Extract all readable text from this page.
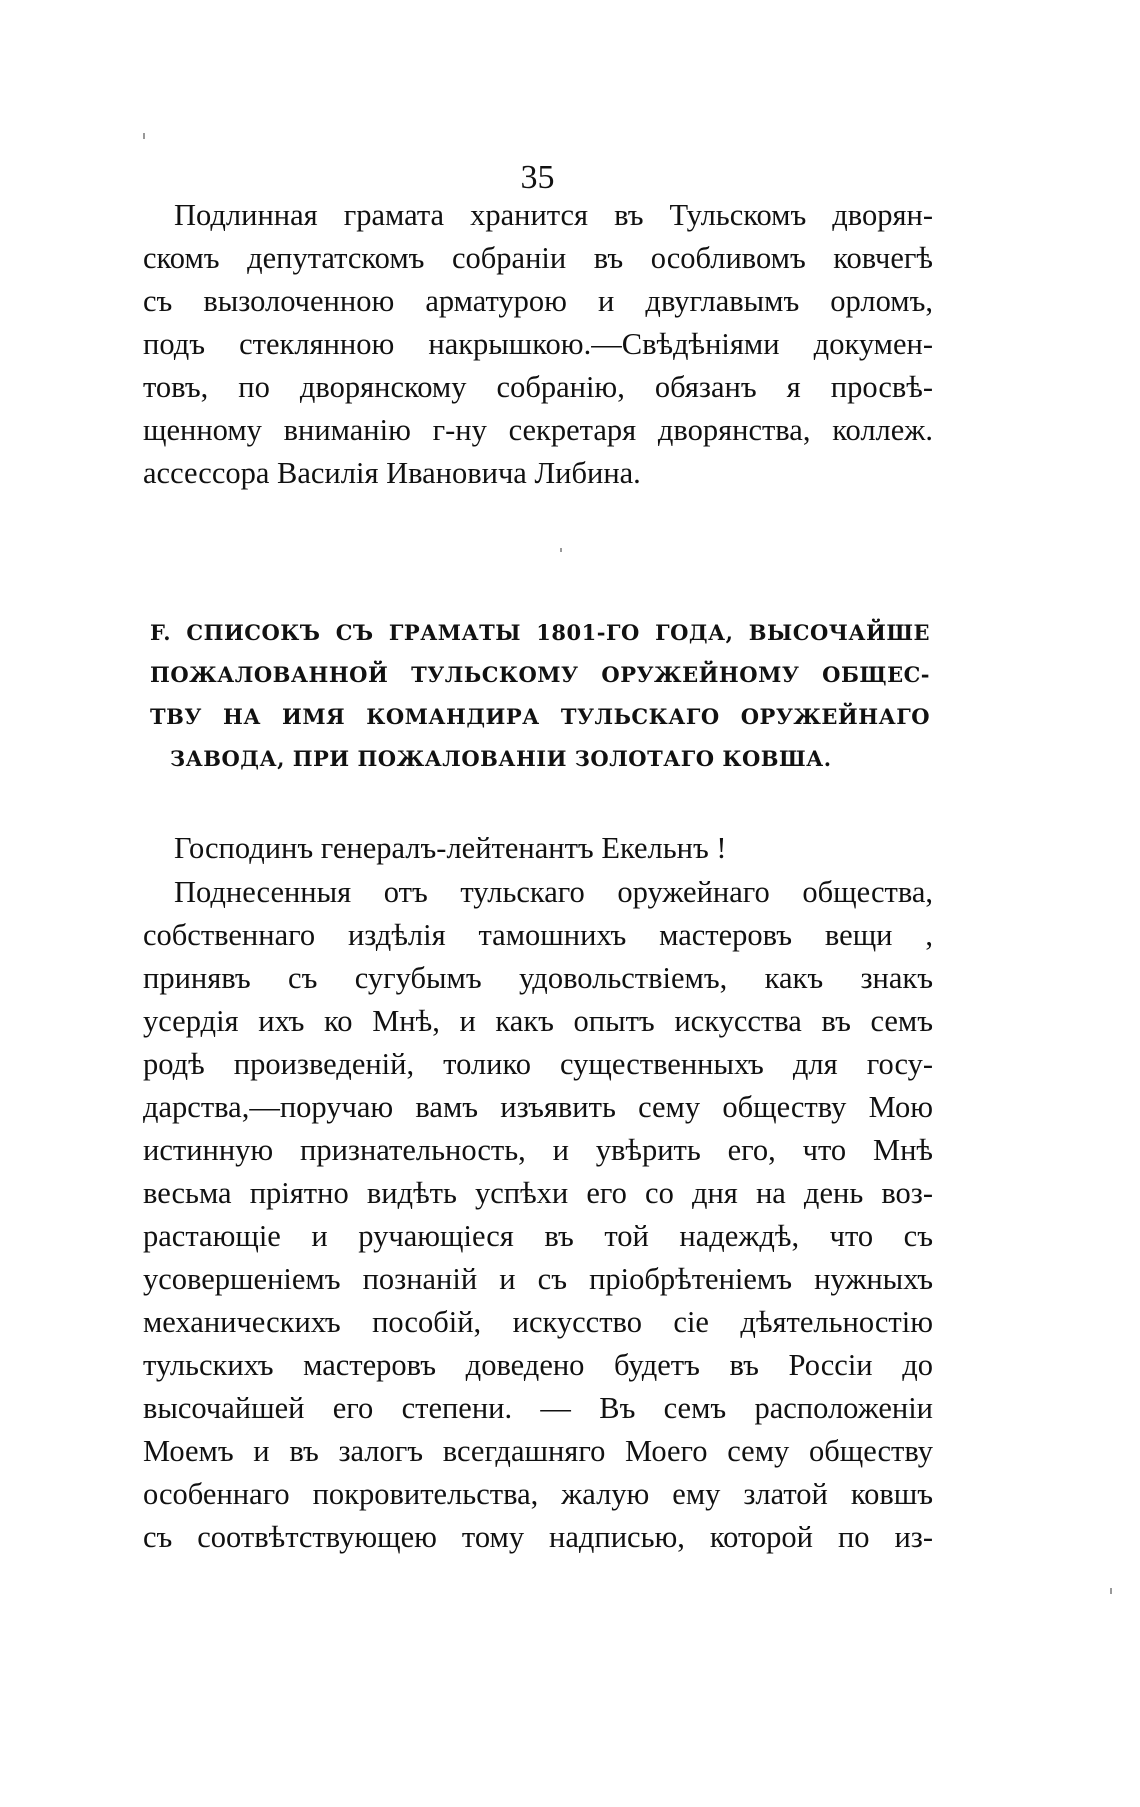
35
Подлинная грамата хранится въ Тульскомъ дворян-
скомъ депутатскомъ собраніи въ особливомъ ковчегѣ
съ вызолоченною арматурою и двуглавымъ орломъ,
подъ стеклянною накрышкою.—Свѣдѣніями докумен-
товъ, по дворянскому собранію, обязанъ я просвѣ-
щенному вниманію г-ну секретаря дворянства, коллеж.
ассессора Василія Ивановича Либина.
F. СПИСОКЪ СЪ ГРАМАТЫ 1801-ГО ГОДА, ВЫСОЧАЙШЕ
ПОЖАЛОВАННОЙ ТУЛЬСКОМУ ОРУЖЕЙНОМУ ОБЩЕС-
ТВУ НА ИМЯ КОМАНДИРА ТУЛЬСКАГО ОРУЖЕЙНАГО
ЗАВОДА, ПРИ ПОЖАЛОВАНІИ ЗОЛОТАГО КОВША.
Господинъ генералъ-лейтенантъ Екельнъ !
Поднесенныя отъ тульскаго оружейнаго общества,
собственнаго издѣлія тамошнихъ мастеровъ вещи ,
принявъ съ сугубымъ удовольствіемъ, какъ знакъ
усердія ихъ ко Мнѣ, и какъ опытъ искусства въ семъ
родѣ произведеній, толико существенныхъ для госу-
дарства,—поручаю вамъ изъявить сему обществу Мою
истинную признательность, и увѣрить его, что Мнѣ
весьма пріятно видѣть успѣхи его со дня на день воз-
растающіе и ручающіеся въ той надеждѣ, что съ
усовершеніемъ познаній и съ пріобрѣтеніемъ нужныхъ
механическихъ пособій, искусство сіе дѣятельностію
тульскихъ мастеровъ доведено будетъ въ Россіи до
высочайшей его степени. — Въ семъ расположеніи
Моемъ и въ залогъ всегдашняго Моего сему обществу
особеннаго покровительства, жалую ему златой ковшъ
съ соотвѣтствующею тому надписью, которой по из-
